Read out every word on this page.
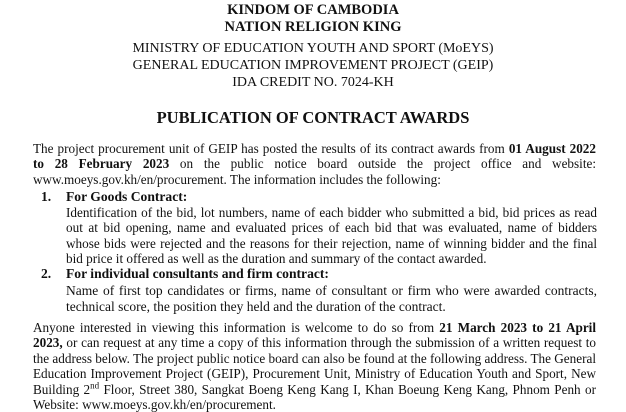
KINDOM OF CAMBODIA
NATION RELIGION KING
MINISTRY OF EDUCATION YOUTH AND SPORT (MoEYS)
GENERAL EDUCATION IMPROVEMENT PROJECT (GEIP)
IDA CREDIT NO. 7024-KH
PUBLICATION OF CONTRACT AWARDS
The project procurement unit of GEIP has posted the results of its contract awards from 01 August 2022 to 28 February 2023 on the public notice board outside the project office and website: www.moeys.gov.kh/en/procurement. The information includes the following:
1. For Goods Contract:
Identification of the bid, lot numbers, name of each bidder who submitted a bid, bid prices as read out at bid opening, name and evaluated prices of each bid that was evaluated, name of bidders whose bids were rejected and the reasons for their rejection, name of winning bidder and the final bid price it offered as well as the duration and summary of the contact awarded.
2. For individual consultants and firm contract:
Name of first top candidates or firms, name of consultant or firm who were awarded contracts, technical score, the position they held and the duration of the contract.
Anyone interested in viewing this information is welcome to do so from 21 March 2023 to 21 April 2023, or can request at any time a copy of this information through the submission of a written request to the address below. The project public notice board can also be found at the following address. The General Education Improvement Project (GEIP), Procurement Unit, Ministry of Education Youth and Sport, New Building 2nd Floor, Street 380, Sangkat Boeng Keng Kang I, Khan Boeung Keng Kang, Phnom Penh or Website: www.moeys.gov.kh/en/procurement.
